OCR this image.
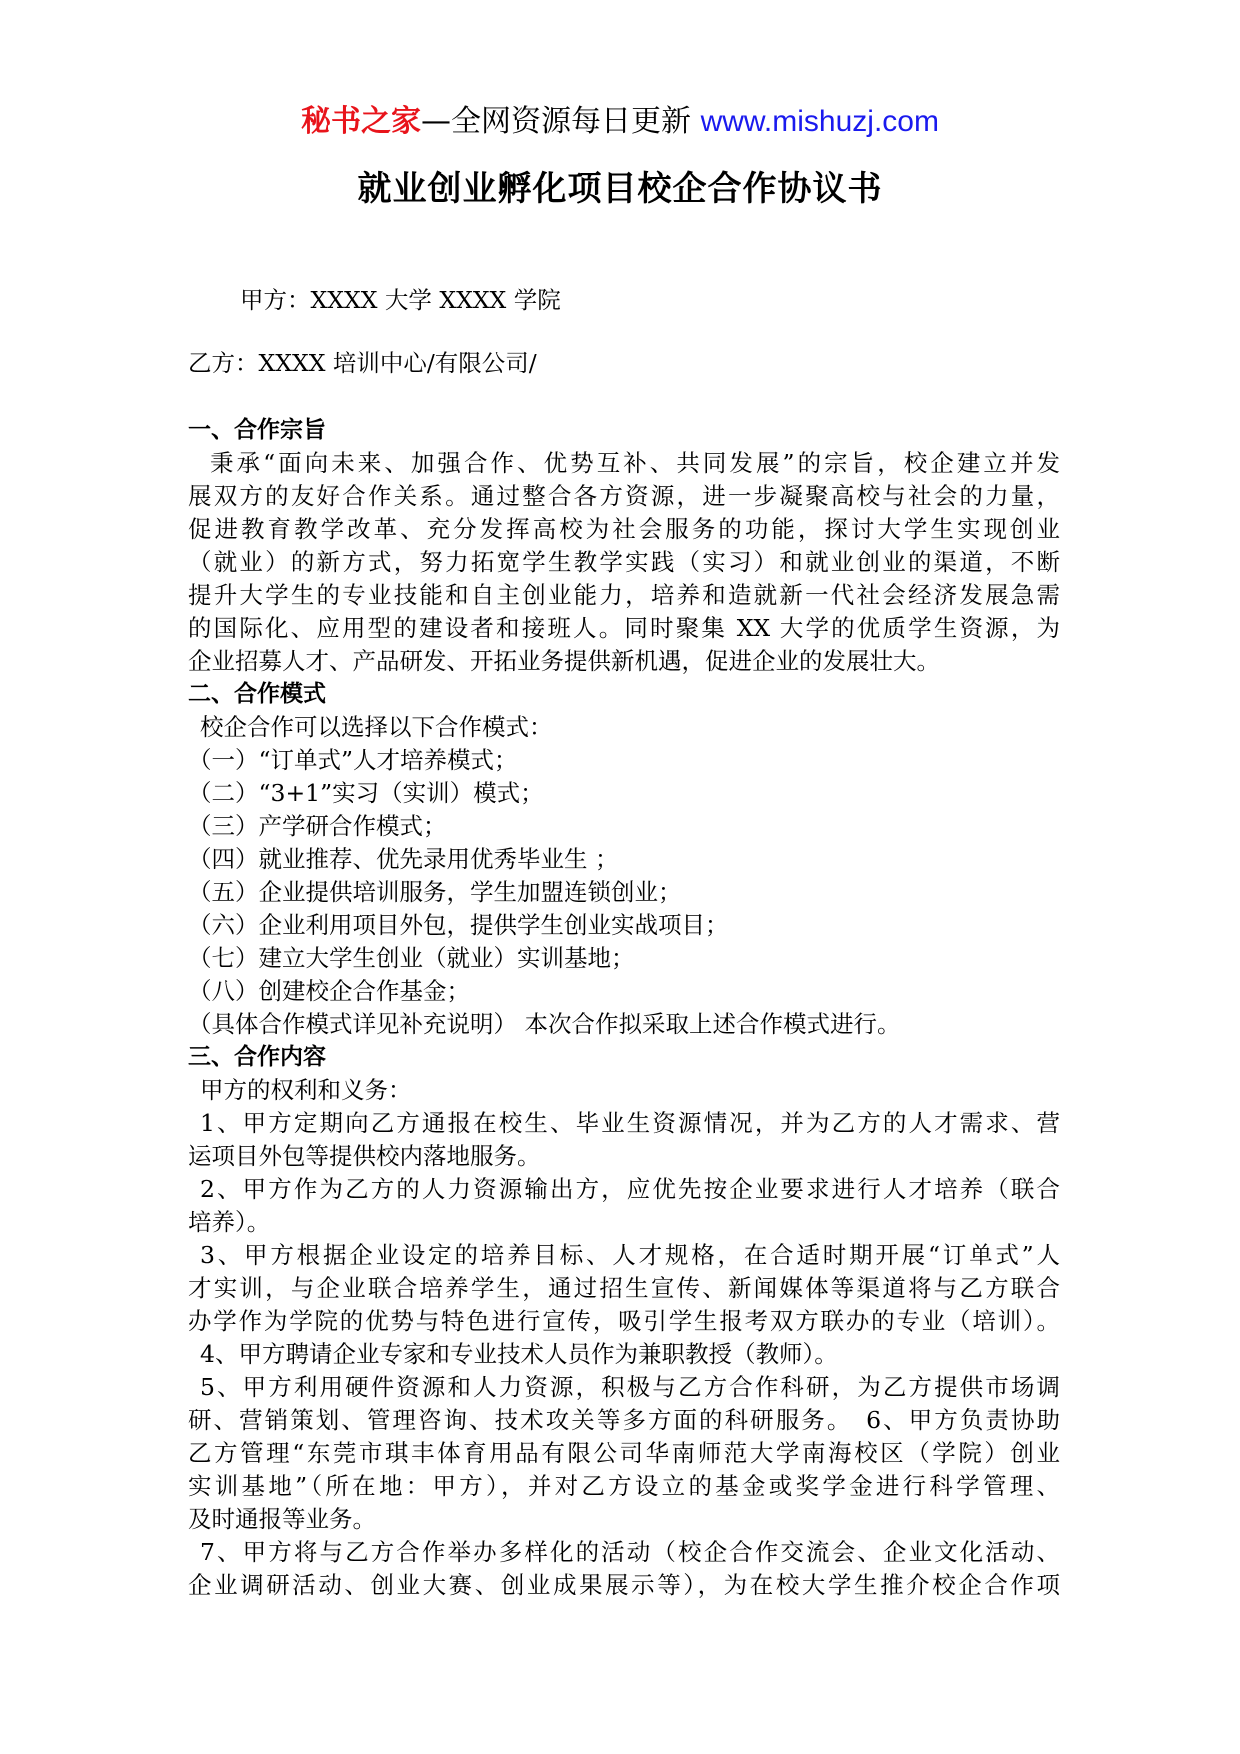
秘书之家—全网资源每日更新 www.mishuzj.com
就业创业孵化项目校企合作协议书
甲方：XXXX 大学 XXXX 学院
乙方：XXXX 培训中心/有限公司/
一、合作宗旨
秉承“面向未来、加强合作、优势互补、共同发展”的宗旨，校企建立并发
展双方的友好合作关系。通过整合各方资源，进一步凝聚高校与社会的力量，
促进教育教学改革、充分发挥高校为社会服务的功能，探讨大学生实现创业
（就业）的新方式，努力拓宽学生教学实践（实习）和就业创业的渠道，不断
提升大学生的专业技能和自主创业能力，培养和造就新一代社会经济发展急需
的国际化、应用型的建设者和接班人。同时聚集 XX 大学的优质学生资源，为
企业招募人才、产品研发、开拓业务提供新机遇，促进企业的发展壮大。
二、合作模式
校企合作可以选择以下合作模式：
（一）“订单式”人才培养模式；
（二）“3+1”实习（实训）模式；
（三）产学研合作模式；
（四）就业推荐、优先录用优秀毕业生 ；
（五）企业提供培训服务，学生加盟连锁创业；
（六）企业利用项目外包，提供学生创业实战项目；
（七）建立大学生创业（就业）实训基地；
（八）创建校企合作基金；
（具体合作模式详见补充说明） 本次合作拟采取上述合作模式进行。
三、合作内容
甲方的权利和义务：
1、甲方定期向乙方通报在校生、毕业生资源情况，并为乙方的人才需求、营
运项目外包等提供校内落地服务。
2、甲方作为乙方的人力资源输出方，应优先按企业要求进行人才培养（联合
培养）。
3、甲方根据企业设定的培养目标、人才规格，在合适时期开展“订单式”人
才实训，与企业联合培养学生，通过招生宣传、新闻媒体等渠道将与乙方联合
办学作为学院的优势与特色进行宣传，吸引学生报考双方联办的专业（培训）。
4、甲方聘请企业专家和专业技术人员作为兼职教授（教师）。
5、甲方利用硬件资源和人力资源，积极与乙方合作科研，为乙方提供市场调
研、营销策划、管理咨询、技术攻关等多方面的科研服务。　6、甲方负责协助
乙方管理“东莞市琪丰体育用品有限公司华南师范大学南海校区（学院）创业
实训基地”（所在地：甲方），并对乙方设立的基金或奖学金进行科学管理、
及时通报等业务。
7、甲方将与乙方合作举办多样化的活动（校企合作交流会、企业文化活动、
企业调研活动、创业大赛、创业成果展示等），为在校大学生推介校企合作项
